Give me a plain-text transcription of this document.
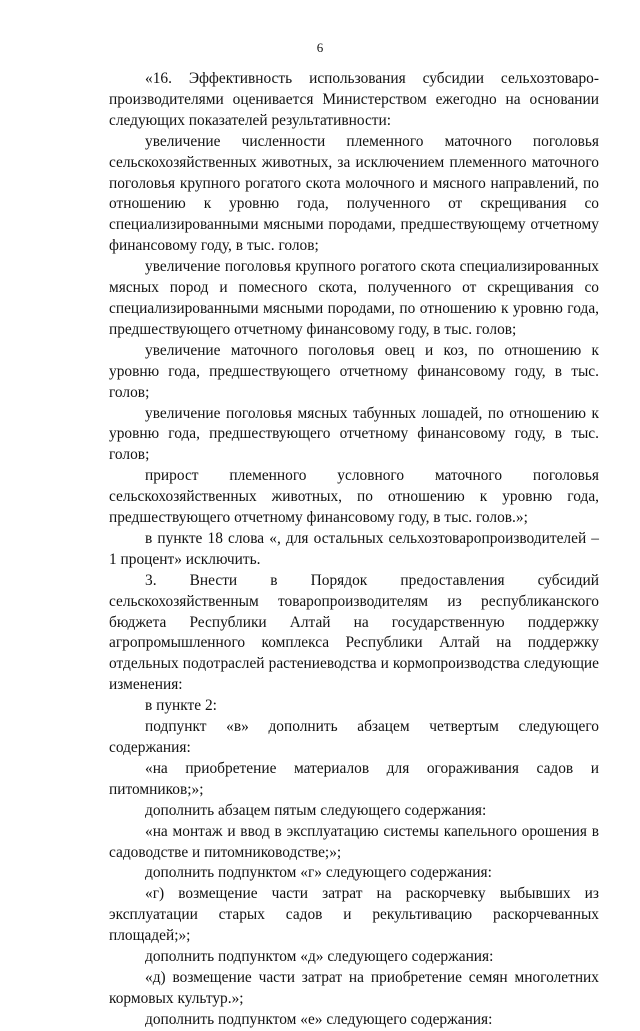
6

«16. Эффективность использования субсидии сельхозтоваро-производителями оценивается Министерством ежегодно на основании следующих показателей результативности:

увеличение численности племенного маточного поголовья сельскохозяйственных животных, за исключением племенного маточного поголовья крупного рогатого скота молочного и мясного направлений, по отношению к уровню года, полученного от скрещивания со специализированными мясными породами, предшествующему отчетному финансовому году, в тыс. голов;

увеличение поголовья крупного рогатого скота специализированных мясных пород и помесного скота, полученного от скрещивания со специализированными мясными породами, по отношению к уровню года, предшествующего отчетному финансовому году, в тыс. голов;

увеличение маточного поголовья овец и коз, по отношению к уровню года, предшествующего отчетному финансовому году, в тыс. голов;

увеличение поголовья мясных табунных лошадей, по отношению к уровню года, предшествующего отчетному финансовому году, в тыс. голов;

прирост племенного условного маточного поголовья сельскохозяйственных животных, по отношению к уровню года, предшествующего отчетному финансовому году, в тыс. голов.»;

в пункте 18 слова «, для остальных сельхозтоваропроизводителей – 1 процент» исключить.

3. Внести в Порядок предоставления субсидий сельскохозяйственным товаропроизводителям из республиканского бюджета Республики Алтай на государственную поддержку агропромышленного комплекса Республики Алтай на поддержку отдельных подотраслей растениеводства и кормопроизводства следующие изменения:

в пункте 2:

подпункт «в» дополнить абзацем четвертым следующего содержания:

«на приобретение материалов для огораживания садов и питомников;»;

дополнить абзацем пятым следующего содержания:

«на монтаж и ввод в эксплуатацию системы капельного орошения в садоводстве и питомниководстве;»;

дополнить подпунктом «г» следующего содержания:

«г) возмещение части затрат на раскорчевку выбывших из эксплуатации старых садов и рекультивацию раскорчеванных площадей;»;

дополнить подпунктом «д» следующего содержания:

«д) возмещение части затрат на приобретение семян многолетних кормовых культур.»;

дополнить подпунктом «е» следующего содержания:
